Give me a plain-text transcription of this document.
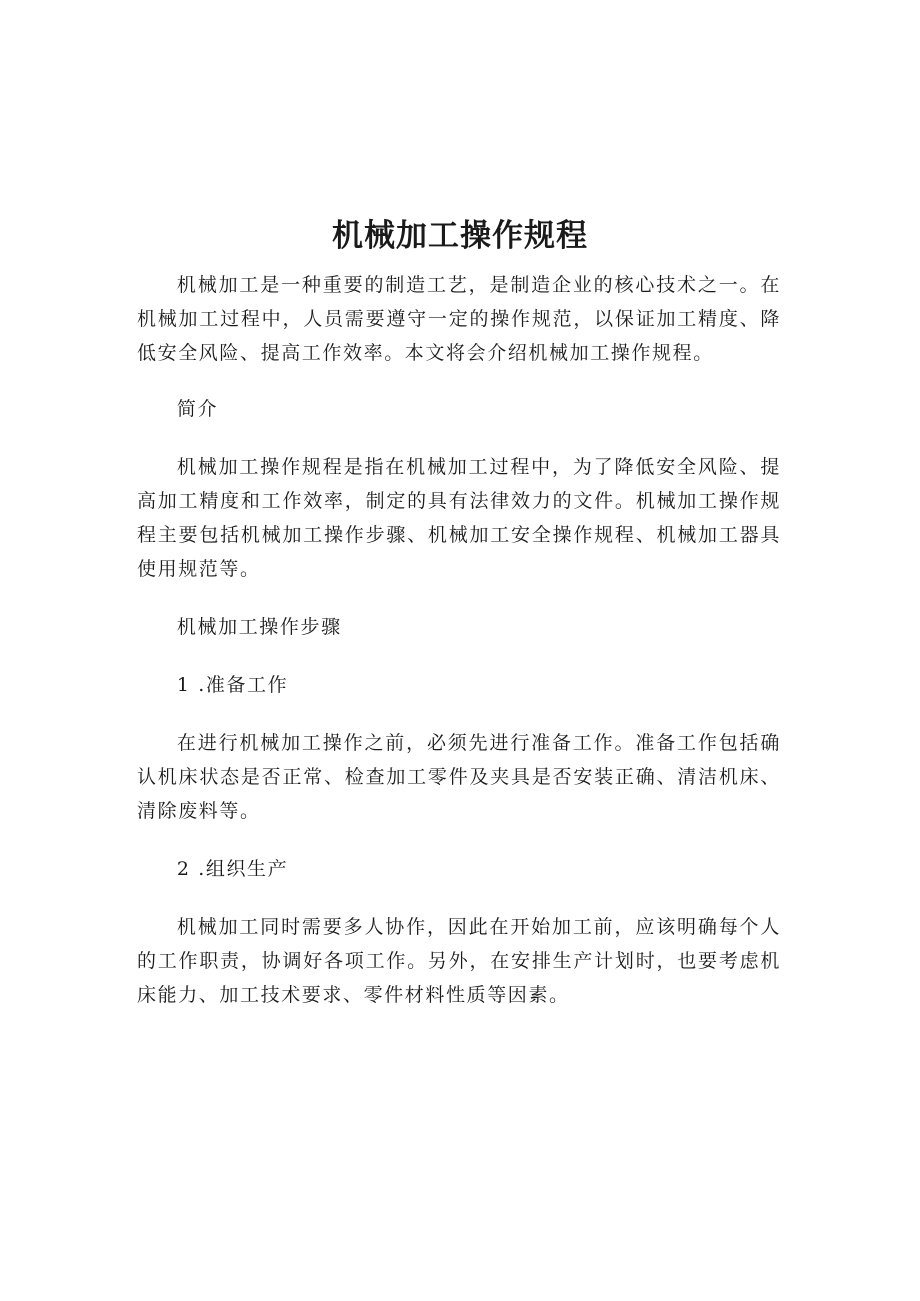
机械加工操作规程

机械加工是一种重要的制造工艺，是制造企业的核心技术之一。在机械加工过程中，人员需要遵守一定的操作规范，以保证加工精度、降低安全风险、提高工作效率。本文将会介绍机械加工操作规程。

简介

机械加工操作规程是指在机械加工过程中，为了降低安全风险、提高加工精度和工作效率，制定的具有法律效力的文件。机械加工操作规程主要包括机械加工操作步骤、机械加工安全操作规程、机械加工器具使用规范等。

机械加工操作步骤

1 .准备工作

在进行机械加工操作之前，必须先进行准备工作。准备工作包括确认机床状态是否正常、检查加工零件及夹具是否安装正确、清洁机床、清除废料等。

2 .组织生产

机械加工同时需要多人协作，因此在开始加工前，应该明确每个人的工作职责，协调好各项工作。另外，在安排生产计划时，也要考虑机床能力、加工技术要求、零件材料性质等因素。
